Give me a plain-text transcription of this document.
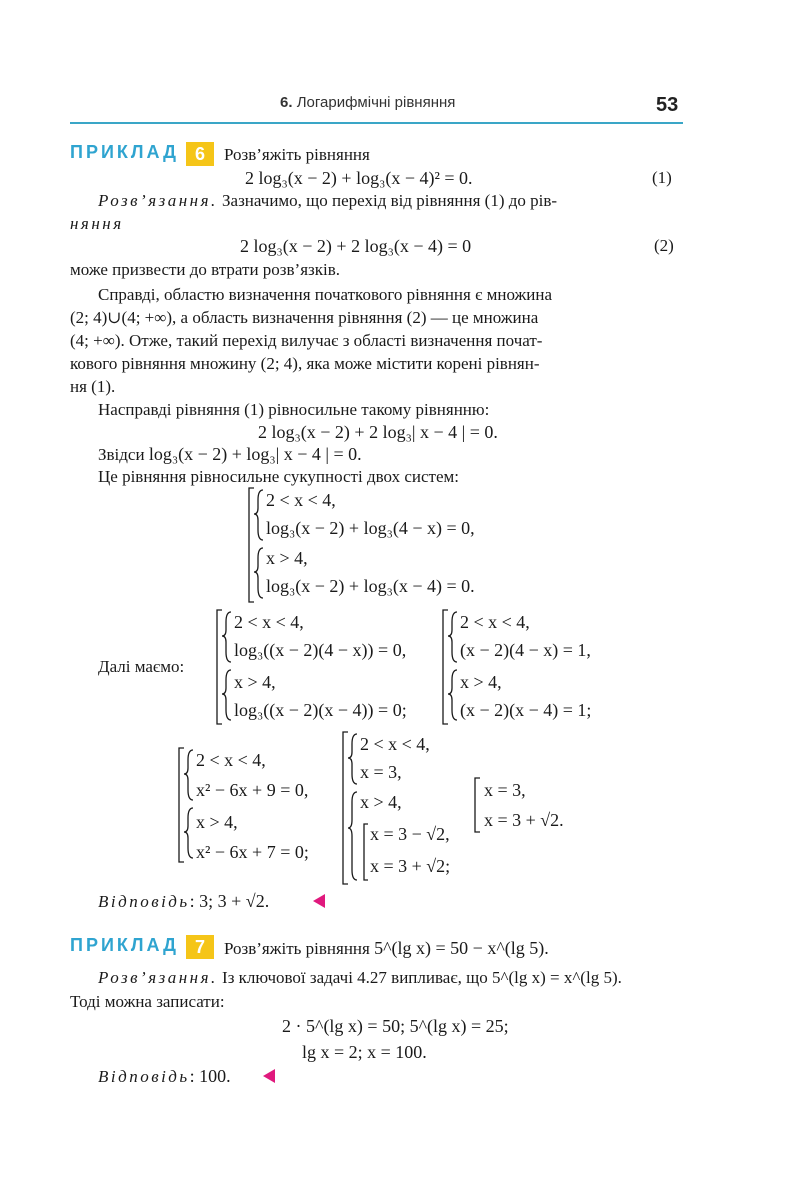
6. Логарифмічні рівняння	53
ПРИКЛАД 6	Розв’яжіть рівняння
2 log₃(x − 2) + log₃(x − 4)² = 0.	(1)
Розв’язання. Зазначимо, що перехід від рівняння (1) до рів-
няння
2 log₃(x − 2) + 2 log₃(x − 4) = 0	(2)
може призвести до втрати розв’язків.
Справді, областю визначення початкового рівняння є множина
(2; 4)∪(4; +∞), а область визначення рівняння (2) — це множина
(4; +∞). Отже, такий перехід вилучає з області визначення почат-
кового рівняння множину (2; 4), яка може містити корені рівнян-
ня (1).
Насправді рівняння (1) рівносильне такому рівнянню:
2 log₃(x − 2) + 2 log₃| x − 4 | = 0.
Звідси log₃(x − 2) + log₃| x − 4 | = 0.
Це рівняння рівносильне сукупності двох систем:
2 < x < 4,
log₃(x − 2) + log₃(4 − x) = 0,
x > 4,
log₃(x − 2) + log₃(x − 4) = 0.
Далі маємо:
2 < x < 4,
log₃((x − 2)(4 − x)) = 0,
x > 4,
log₃((x − 2)(x − 4)) = 0;
2 < x < 4,
(x − 2)(4 − x) = 1,
x > 4,
(x − 2)(x − 4) = 1;
2 < x < 4,
x² − 6x + 9 = 0,
x > 4,
x² − 6x + 7 = 0;
2 < x < 4,
x = 3,
x > 4,
x = 3 − √2,
x = 3 + √2;
x = 3,
x = 3 + √2.
Відповідь: 3; 3 + √2.
ПРИКЛАД 7	Розв’яжіть рівняння 5^(lg x) = 50 − x^(lg 5).
Розв’язання. Із ключової задачі 4.27 випливає, що 5^(lg x) = x^(lg 5).
Тоді можна записати:
2 · 5^(lg x) = 50; 5^(lg x) = 25;
lg x = 2; x = 100.
Відповідь: 100.
